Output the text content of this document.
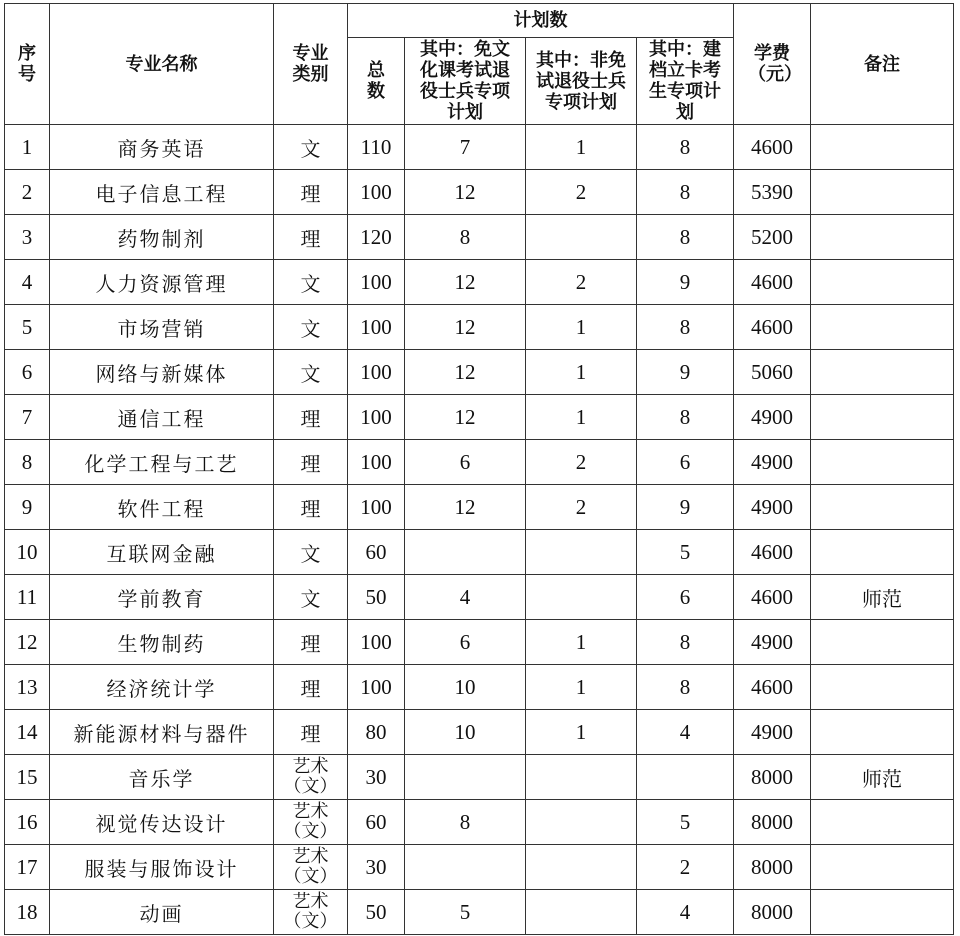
序号	专业名称	专业类别	计划数				学费（元）	备注
			总数	其中：免文化课考试退役士兵专项计划	其中：非免试退役士兵专项计划	其中：建档立卡考生专项计划		
1	商务英语	文	110	7	1	8	4600	
2	电子信息工程	理	100	12	2	8	5390	
3	药物制剂	理	120	8		8	5200	
4	人力资源管理	文	100	12	2	9	4600	
5	市场营销	文	100	12	1	8	4600	
6	网络与新媒体	文	100	12	1	9	5060	
7	通信工程	理	100	12	1	8	4900	
8	化学工程与工艺	理	100	6	2	6	4900	
9	软件工程	理	100	12	2	9	4900	
10	互联网金融	文	60			5	4600	
11	学前教育	文	50	4		6	4600	师范
12	生物制药	理	100	6	1	8	4900	
13	经济统计学	理	100	10	1	8	4600	
14	新能源材料与器件	理	80	10	1	4	4900	
15	音乐学	艺术（文）	30				8000	师范
16	视觉传达设计	艺术（文）	60	8		5	8000	
17	服装与服饰设计	艺术（文）	30			2	8000	
18	动画	艺术（文）	50	5		4	8000	
